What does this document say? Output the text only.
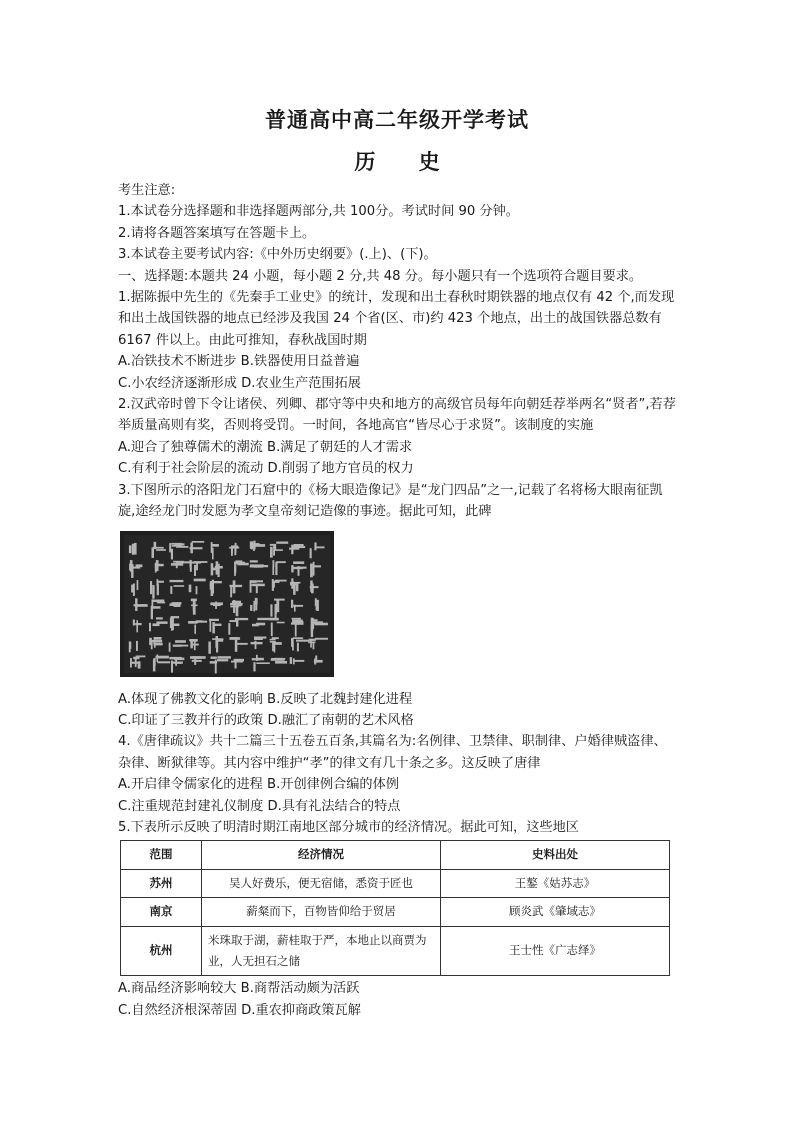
普通高中高二年级开学考试
历 史
考生注意:
1.本试卷分选择题和非选择题两部分,共 100分。考试时间 90 分钟。
2.请将各题答案填写在答题卡上。
3.本试卷主要考试内容:《中外历史纲要》(.上)、(下)。
一、选择题:本题共 24 小题，每小题 2 分,共 48 分。每小题只有一个选项符合题目要求。
1.据陈振中先生的《先秦手工业史》的统计，发现和出土春秋时期铁器的地点仅有 42 个,而发现和出土战国铁器的地点已经涉及我国 24 个省(区、市)约 423 个地点，出土的战国铁器总数有 6167 件以上。由此可推知，春秋战国时期
A.冶铁技术不断进步 B.铁器使用日益普遍
C.小农经济逐渐形成 D.农业生产范围拓展
2.汉武帝时曾下令让诸侯、列卿、郡守等中央和地方的高级官员每年向朝廷荐举两名“贤者”,若荐举质量高则有奖，否则将受罚。一时间，各地高官“皆尽心于求贤”。该制度的实施
A.迎合了独尊儒术的潮流 B.满足了朝廷的人才需求
C.有利于社会阶层的流动 D.削弱了地方官员的权力
3.下图所示的洛阳龙门石窟中的《杨大眼造像记》是“龙门四品”之一,记载了名将杨大眼南征凯旋,途经龙门时发愿为孝文皇帝刻记造像的事迹。据此可知，此碑
A.体现了佛教文化的影响 B.反映了北魏封建化进程
C.印证了三教并行的政策 D.融汇了南朝的艺术风格
4.《唐律疏议》共十二篇三十五卷五百条,其篇名为:名例律、卫禁律、职制律、户婚律贼盗律、杂律、断狱律等。其内容中维护“孝”的律文有几十条之多。这反映了唐律
A.开启律令儒家化的进程 B.开创律例合编的体例
C.注重规范封建礼仪制度 D.具有礼法结合的特点
5.下表所示反映了明清时期江南地区部分城市的经济情况。据此可知，这些地区
范围	经济情况	史料出处
苏州	吴人好费乐，便无宿储，悉资于匠也	王鏊《姑苏志》
南京	薪粲而下，百物皆仰给于贸居	顾炎武《肇域志》
杭州	米珠取于湖，薪桂取于严，本地止以商贾为业，人无担石之储	王士性《广志绎》
A.商品经济影响较大 B.商帮活动颇为活跃
C.自然经济根深蒂固 D.重农抑商政策瓦解
